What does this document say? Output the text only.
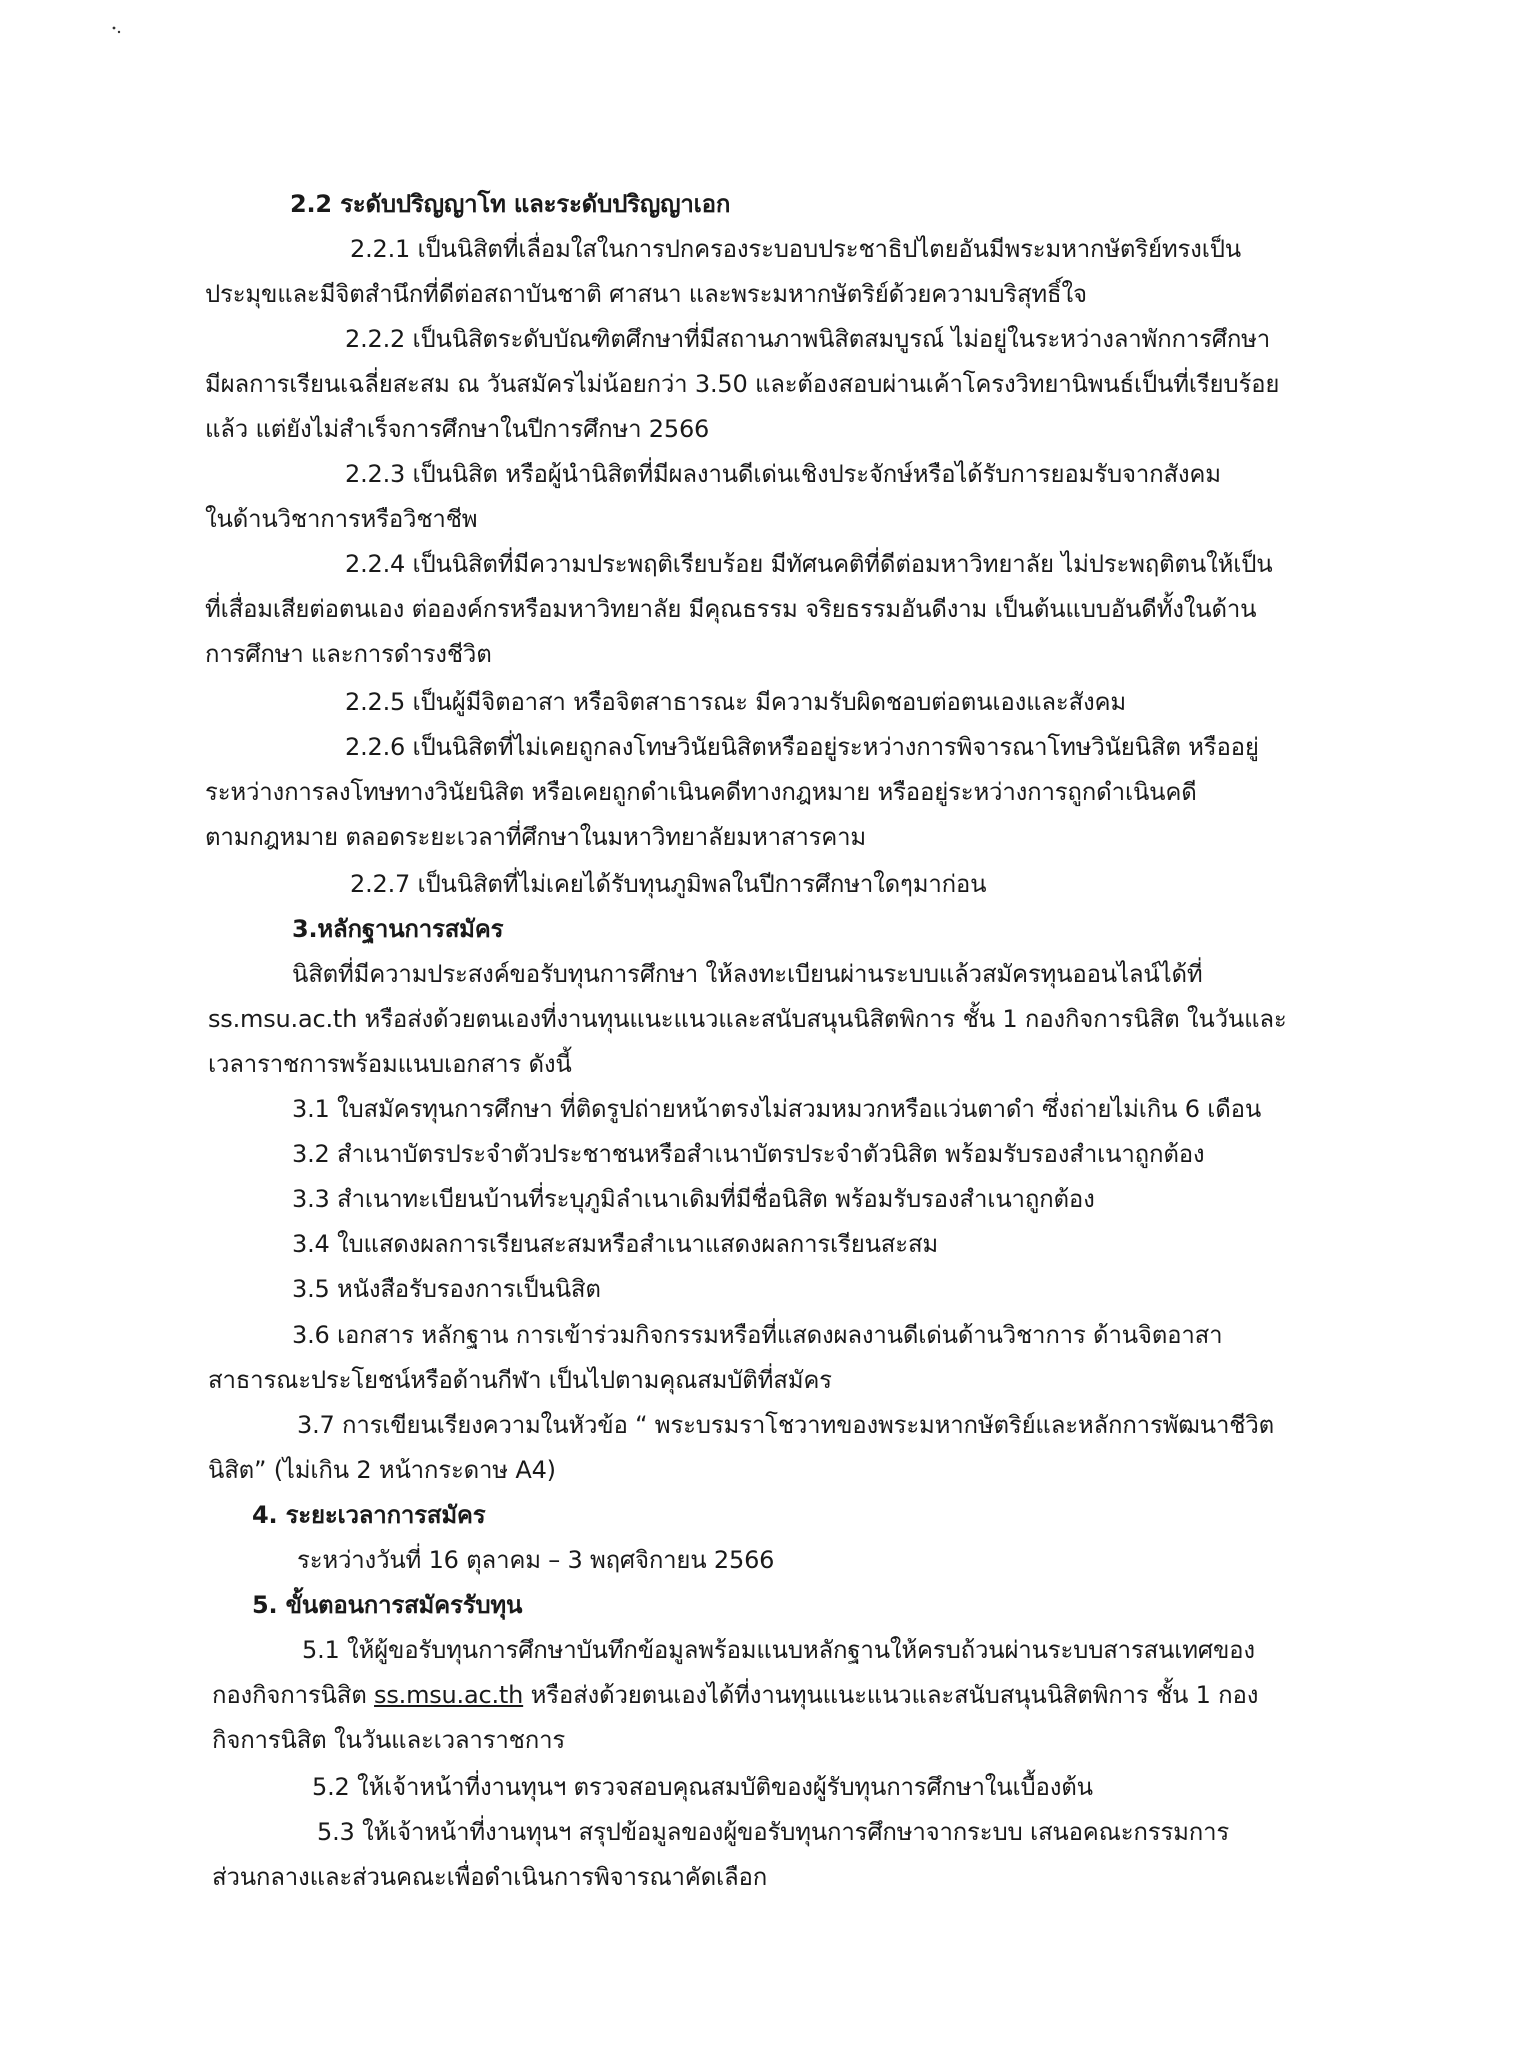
2.2 ระดับปริญญาโท และระดับปริญญาเอก
2.2.1 เป็นนิสิตที่เลื่อมใสในการปกครองระบอบประชาธิปไตยอันมีพระมหากษัตริย์ทรงเป็น
ประมุขและมีจิตสำนึกที่ดีต่อสถาบันชาติ ศาสนา และพระมหากษัตริย์ด้วยความบริสุทธิ์ใจ
2.2.2 เป็นนิสิตระดับบัณฑิตศึกษาที่มีสถานภาพนิสิตสมบูรณ์ ไม่อยู่ในระหว่างลาพักการศึกษา
มีผลการเรียนเฉลี่ยสะสม ณ วันสมัครไม่น้อยกว่า 3.50 และต้องสอบผ่านเค้าโครงวิทยานิพนธ์เป็นที่เรียบร้อย
แล้ว แต่ยังไม่สำเร็จการศึกษาในปีการศึกษา 2566
2.2.3 เป็นนิสิต หรือผู้นำนิสิตที่มีผลงานดีเด่นเชิงประจักษ์หรือได้รับการยอมรับจากสังคม
ในด้านวิชาการหรือวิชาชีพ
2.2.4 เป็นนิสิตที่มีความประพฤติเรียบร้อย มีทัศนคติที่ดีต่อมหาวิทยาลัย ไม่ประพฤติตนให้เป็น
ที่เสื่อมเสียต่อตนเอง ต่อองค์กรหรือมหาวิทยาลัย มีคุณธรรม จริยธรรมอันดีงาม เป็นต้นแบบอันดีทั้งในด้าน
การศึกษา และการดำรงชีวิต
2.2.5 เป็นผู้มีจิตอาสา หรือจิตสาธารณะ มีความรับผิดชอบต่อตนเองและสังคม
2.2.6 เป็นนิสิตที่ไม่เคยถูกลงโทษวินัยนิสิตหรืออยู่ระหว่างการพิจารณาโทษวินัยนิสิต หรืออยู่
ระหว่างการลงโทษทางวินัยนิสิต หรือเคยถูกดำเนินคดีทางกฎหมาย หรืออยู่ระหว่างการถูกดำเนินคดี
ตามกฎหมาย ตลอดระยะเวลาที่ศึกษาในมหาวิทยาลัยมหาสารคาม
2.2.7 เป็นนิสิตที่ไม่เคยได้รับทุนภูมิพลในปีการศึกษาใดๆมาก่อน
3.หลักฐานการสมัคร
นิสิตที่มีความประสงค์ขอรับทุนการศึกษา ให้ลงทะเบียนผ่านระบบแล้วสมัครทุนออนไลน์ได้ที่
ss.msu.ac.th หรือส่งด้วยตนเองที่งานทุนแนะแนวและสนับสนุนนิสิตพิการ ชั้น 1 กองกิจการนิสิต ในวันและ
เวลาราชการพร้อมแนบเอกสาร ดังนี้
3.1 ใบสมัครทุนการศึกษา ที่ติดรูปถ่ายหน้าตรงไม่สวมหมวกหรือแว่นตาดำ ซึ่งถ่ายไม่เกิน 6 เดือน
3.2 สำเนาบัตรประจำตัวประชาชนหรือสำเนาบัตรประจำตัวนิสิต พร้อมรับรองสำเนาถูกต้อง
3.3 สำเนาทะเบียนบ้านที่ระบุภูมิลำเนาเดิมที่มีชื่อนิสิต พร้อมรับรองสำเนาถูกต้อง
3.4 ใบแสดงผลการเรียนสะสมหรือสำเนาแสดงผลการเรียนสะสม
3.5 หนังสือรับรองการเป็นนิสิต
3.6 เอกสาร หลักฐาน การเข้าร่วมกิจกรรมหรือที่แสดงผลงานดีเด่นด้านวิชาการ ด้านจิตอาสา
สาธารณะประโยชน์หรือด้านกีฬา เป็นไปตามคุณสมบัติที่สมัคร
3.7 การเขียนเรียงความในหัวข้อ “ พระบรมราโชวาทของพระมหากษัตริย์และหลักการพัฒนาชีวิต
นิสิต” (ไม่เกิน 2 หน้ากระดาษ A4)
4. ระยะเวลาการสมัคร
ระหว่างวันที่ 16 ตุลาคม – 3 พฤศจิกายน 2566
5. ขั้นตอนการสมัครรับทุน
5.1 ให้ผู้ขอรับทุนการศึกษาบันทึกข้อมูลพร้อมแนบหลักฐานให้ครบถ้วนผ่านระบบสารสนเทศของ
กองกิจการนิสิต ss.msu.ac.th หรือส่งด้วยตนเองได้ที่งานทุนแนะแนวและสนับสนุนนิสิตพิการ ชั้น 1 กอง
กิจการนิสิต ในวันและเวลาราชการ
5.2 ให้เจ้าหน้าที่งานทุนฯ ตรวจสอบคุณสมบัติของผู้รับทุนการศึกษาในเบื้องต้น
5.3 ให้เจ้าหน้าที่งานทุนฯ สรุปข้อมูลของผู้ขอรับทุนการศึกษาจากระบบ เสนอคณะกรรมการ
ส่วนกลางและส่วนคณะเพื่อดำเนินการพิจารณาคัดเลือก
